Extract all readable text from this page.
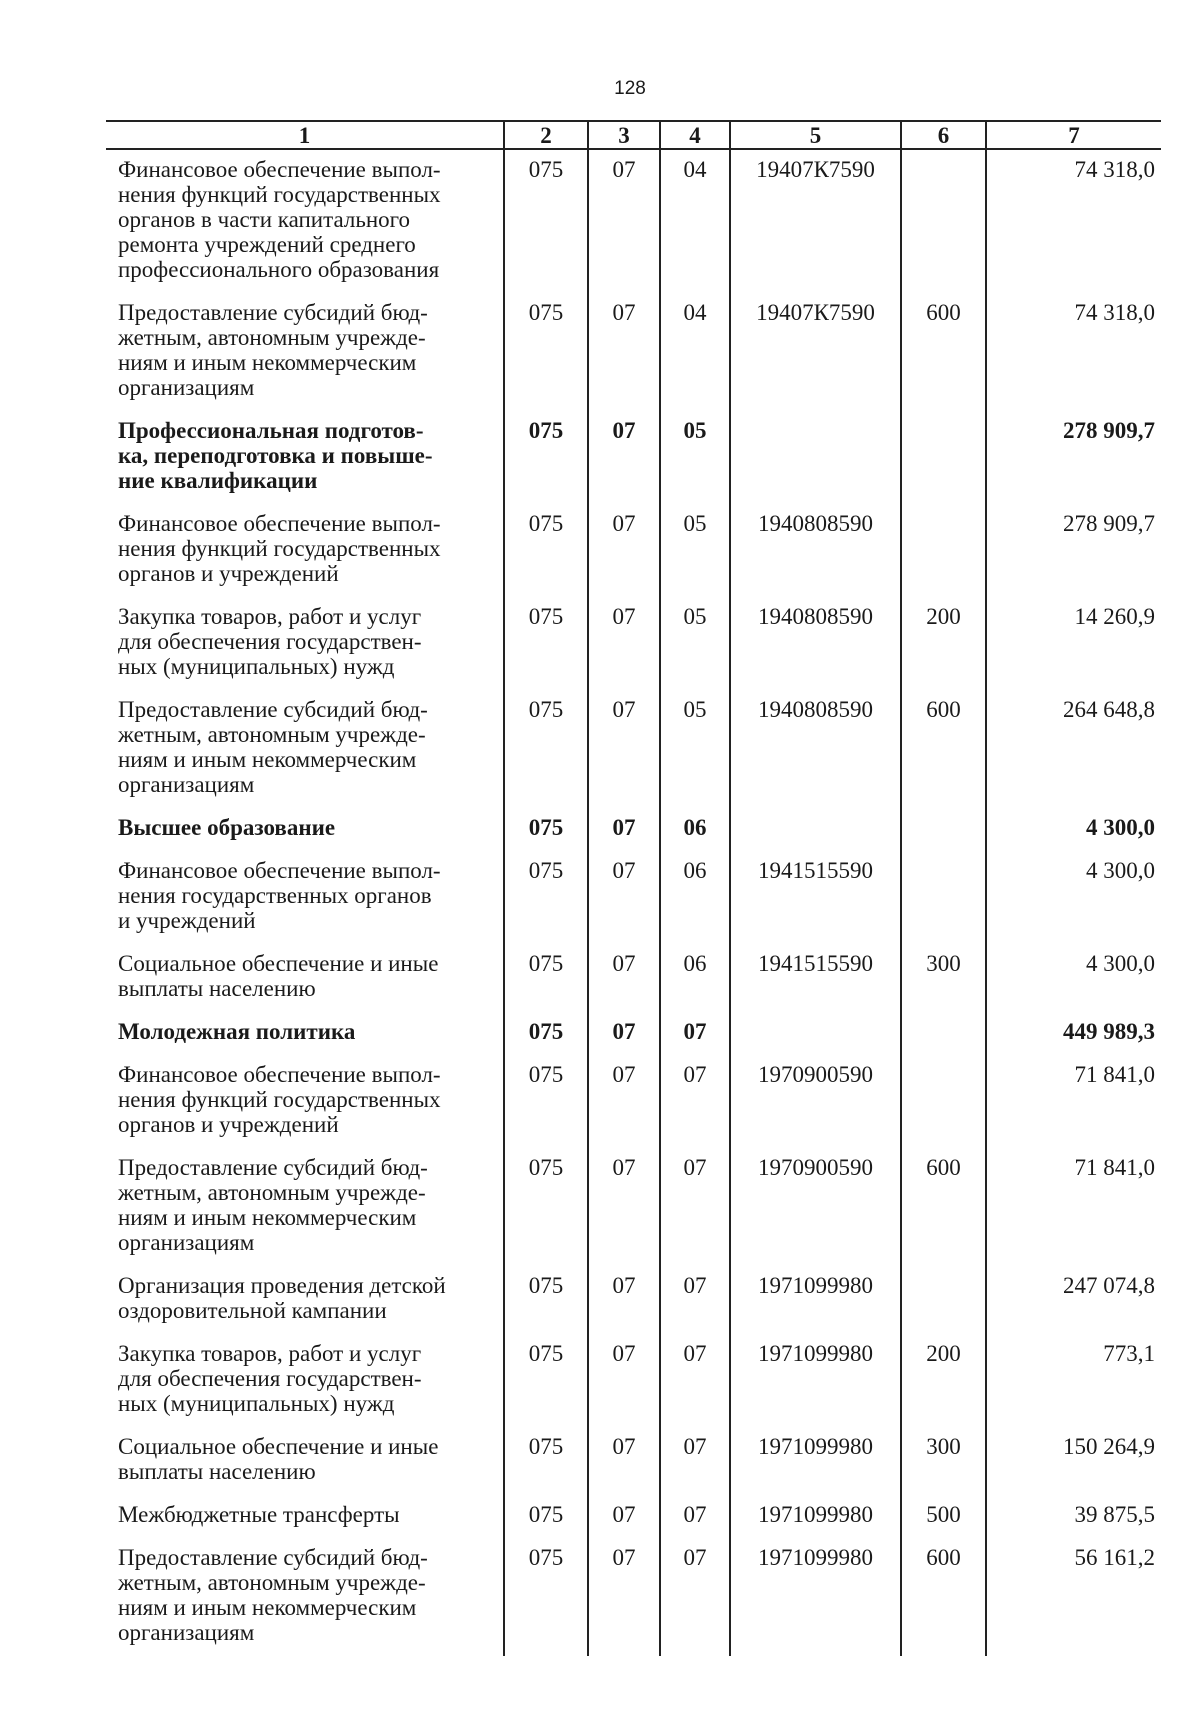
128
1	2	3	4	5	6	7
Финансовое обеспечение выпол-
нения функций государственных
органов в части капитального
ремонта учреждений среднего
профессионального образования	075	07	04	19407К7590		74 318,0
Предоставление субсидий бюд-
жетным, автономным учрежде-
ниям и иным некоммерческим
организациям	075	07	04	19407К7590	600	74 318,0
Профессиональная подготов-
ка, переподготовка и повыше-
ние квалификации	075	07	05			278 909,7
Финансовое обеспечение выпол-
нения функций государственных
органов и учреждений	075	07	05	1940808590		278 909,7
Закупка товаров, работ и услуг
для обеспечения государствен-
ных (муниципальных) нужд	075	07	05	1940808590	200	14 260,9
Предоставление субсидий бюд-
жетным, автономным учрежде-
ниям и иным некоммерческим
организациям	075	07	05	1940808590	600	264 648,8
Высшее образование	075	07	06			4 300,0
Финансовое обеспечение выпол-
нения государственных органов
и учреждений	075	07	06	1941515590		4 300,0
Социальное обеспечение и иные
выплаты населению	075	07	06	1941515590	300	4 300,0
Молодежная политика	075	07	07			449 989,3
Финансовое обеспечение выпол-
нения функций государственных
органов и учреждений	075	07	07	1970900590		71 841,0
Предоставление субсидий бюд-
жетным, автономным учрежде-
ниям и иным некоммерческим
организациям	075	07	07	1970900590	600	71 841,0
Организация проведения детской
оздоровительной кампании	075	07	07	1971099980		247 074,8
Закупка товаров, работ и услуг
для обеспечения государствен-
ных (муниципальных) нужд	075	07	07	1971099980	200	773,1
Социальное обеспечение и иные
выплаты населению	075	07	07	1971099980	300	150 264,9
Межбюджетные трансферты	075	07	07	1971099980	500	39 875,5
Предоставление субсидий бюд-
жетным, автономным учрежде-
ниям и иным некоммерческим
организациям	075	07	07	1971099980	600	56 161,2
